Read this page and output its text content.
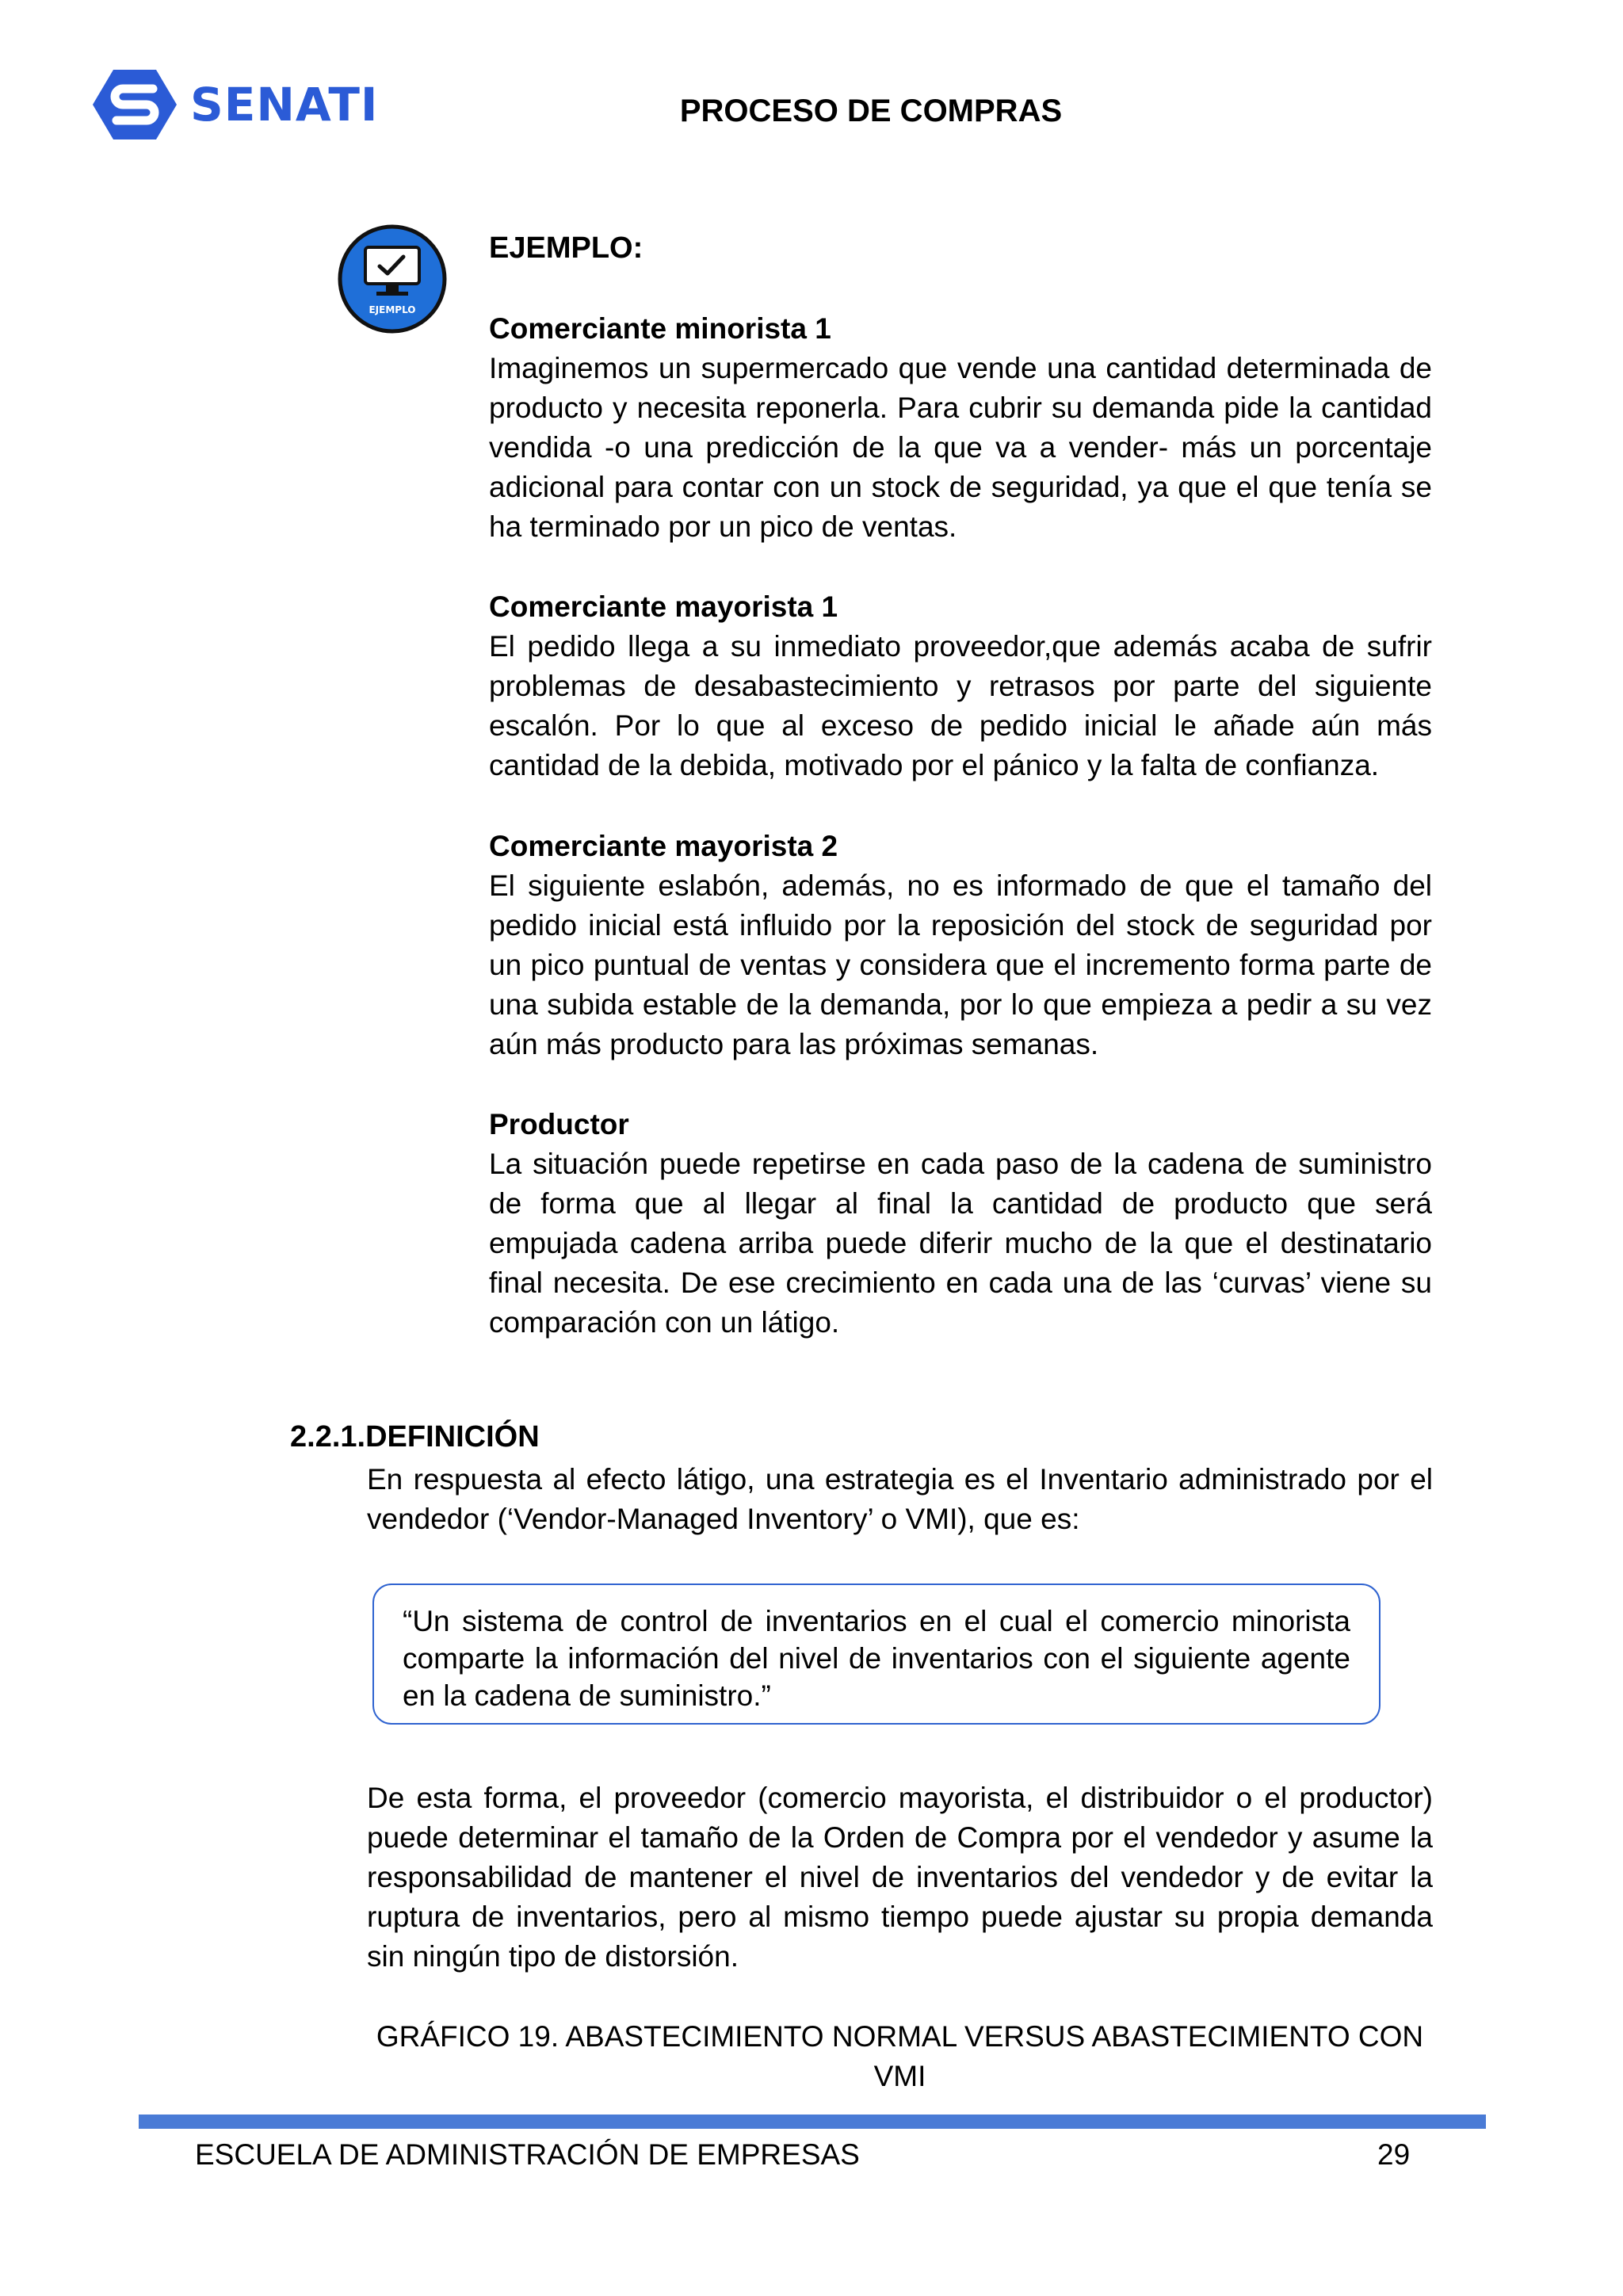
SENATI	PROCESO DE COMPRAS
EJEMPLO
EJEMPLO:
Comerciante minorista 1

Imaginemos un supermercado que vende una cantidad determinada de producto y necesita reponerla. Para cubrir su demanda pide la cantidad vendida -o una predicción de la que va a vender- más un porcentaje adicional para contar con un stock de seguridad, ya que el que tenía se ha terminado por un pico de ventas.

Comerciante mayorista 1

El pedido llega a su inmediato proveedor,que además acaba de sufrir problemas de desabastecimiento y retrasos por parte del siguiente escalón. Por lo que al exceso de pedido inicial le añade aún más cantidad de la debida, motivado por el pánico y la falta de confianza.

Comerciante mayorista 2

El siguiente eslabón, además, no es informado de que el tamaño del pedido inicial está influido por la reposición del stock de seguridad por un pico puntual de ventas y considera que el incremento forma parte de una subida estable de la demanda, por lo que empieza a pedir a su vez aún más producto para las próximas semanas.

Productor

La situación puede repetirse en cada paso de la cadena de suministro de forma que al llegar al final la cantidad de producto que será empujada cadena arriba puede diferir mucho de la que el destinatario final necesita. De ese crecimiento en cada una de las ‘curvas’ viene su comparación con un látigo.

2.2.1.DEFINICIÓN

En respuesta al efecto látigo, una estrategia es el Inventario administrado por el vendedor (‘Vendor-Managed Inventory’ o VMI), que es:

“Un sistema de control de inventarios en el cual el comercio minorista comparte la información del nivel de inventarios con el siguiente agente en la cadena de suministro.”

De esta forma, el proveedor (comercio mayorista, el distribuidor o el productor) puede determinar el tamaño de la Orden de Compra por el vendedor y asume la responsabilidad de mantener el nivel de inventarios del vendedor y de evitar la ruptura de inventarios, pero al mismo tiempo puede ajustar su propia demanda sin ningún tipo de distorsión.

GRÁFICO 19. ABASTECIMIENTO NORMAL VERSUS ABASTECIMIENTO CON VMI
ESCUELA DE ADMINISTRACIÓN DE EMPRESAS	29
